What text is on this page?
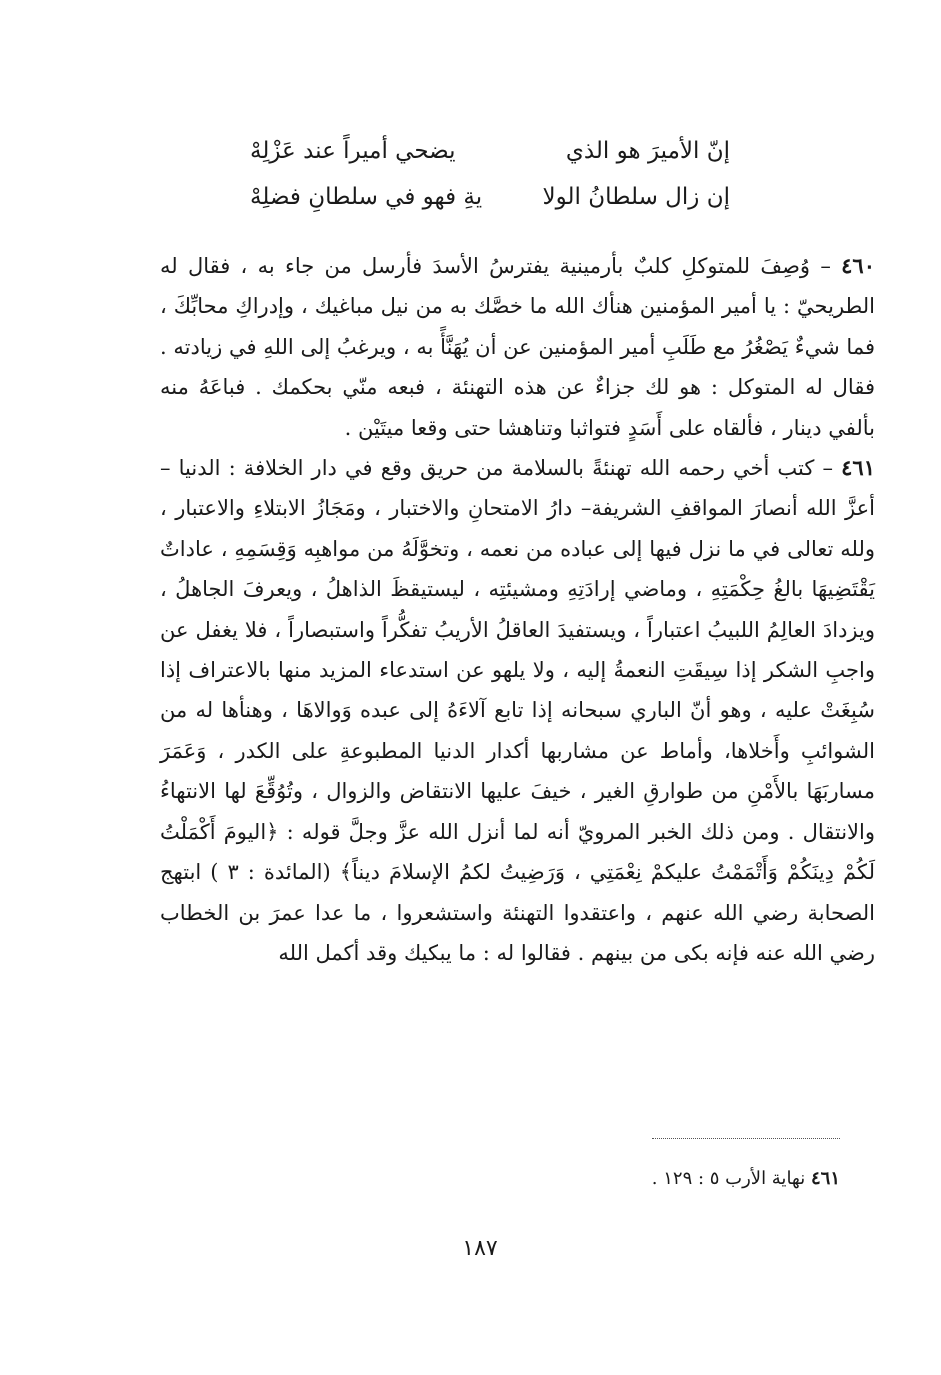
إنّ الأميرَ هو الذي
يضحي أميراً عند عَزْلِهْ
إن زال سلطانُ الولا
يةِ فهو في سلطانِ فضلِهْ

٤٦٠ – وُصِفَ للمتوكلِ كلبٌ بأرمينية يفترسُ الأسدَ فأرسل من جاء به ، فقال له الطريحيّ : يا أمير المؤمنين هنأك الله ما خصَّك به من نيل مباغيك ، وإدراكِ محابِّكَ ، فما شيءٌ يَصْغُرُ مع طَلَبِ أمير المؤمنين عن أن يُهَنَّأً به ، ويرغبُ إلى اللهِ في زيادته . فقال له المتوكل : هو لك جزاءٌ عن هذه التهنئة ، فبعه منّي بحكمك . فباعَهُ منه بألفي دينار ، فألقاه على أَسَدٍ فتواثبا وتناهشا حتى وقعا ميتَيْن .

٤٦١ – كتب أخي رحمه الله تهنئةً بالسلامة من حريق وقع في دار الخلافة : الدنيا –أعزَّ الله أنصارَ المواقفِ الشريفة– دارُ الامتحانِ والاختبار ، ومَجَازُ الابتلاءِ والاعتبار ، ولله تعالى في ما نزل فيها إلى عباده من نعمه ، وتخوَّلَهُ من مواهبِه وَقِسَمِهِ ، عاداتٌ يَقْتَضِيهَا بالغُ حِكْمَتِهِ ، وماضي إرادَتِهِ ومشيئتِه ، ليستيقظَ الذاهلُ ، ويعرفَ الجاهلُ ، ويزدادَ العالِمُ اللبيبُ اعتباراً ، ويستفيدَ العاقلُ الأريبُ تفكُّراً واستبصاراً ، فلا يغفل عن واجبِ الشكر إذا سِيقَتِ النعمةُ إليه ، ولا يلهو عن استدعاء المزيد منها بالاعتراف إذا سُبِغَتْ عليه ، وهو أنّ الباري سبحانه إذا تابع آلاءَهُ إلى عبده وَوالاهَا ، وهنأها له من الشوائبِ وأَخلاها، وأماط عن مشاربها أكدار الدنيا المطبوعةِ على الكدر ، وَعَمَرَ مساربَهَا بالأَمْنِ من طوارقِ الغير ، خيفَ عليها الانتقاض والزوال ، وتُوُقِّعَ لها الانتهاءُ والانتقال . ومن ذلك الخبر المرويّ أنه لما أنزل الله عزَّ وجلَّ قوله : ﴿اليومَ أَكْمَلْتُ لَكُمْ دِينَكُمْ وَأَتْمَمْتُ عليكمْ نِعْمَتِي ، وَرَضِيتُ لكمُ الإسلامَ ديناً﴾ (المائدة : ٣ ) ابتهج الصحابة رضي الله عنهم ، واعتقدوا التهنئة واستشعروا ، ما عدا عمرَ بن الخطاب رضي الله عنه فإنه بكى من بينهم . فقالوا له : ما يبكيك وقد أكمل الله

٤٦١ نهاية الأرب ٥ : ١٢٩ .
١٨٧
